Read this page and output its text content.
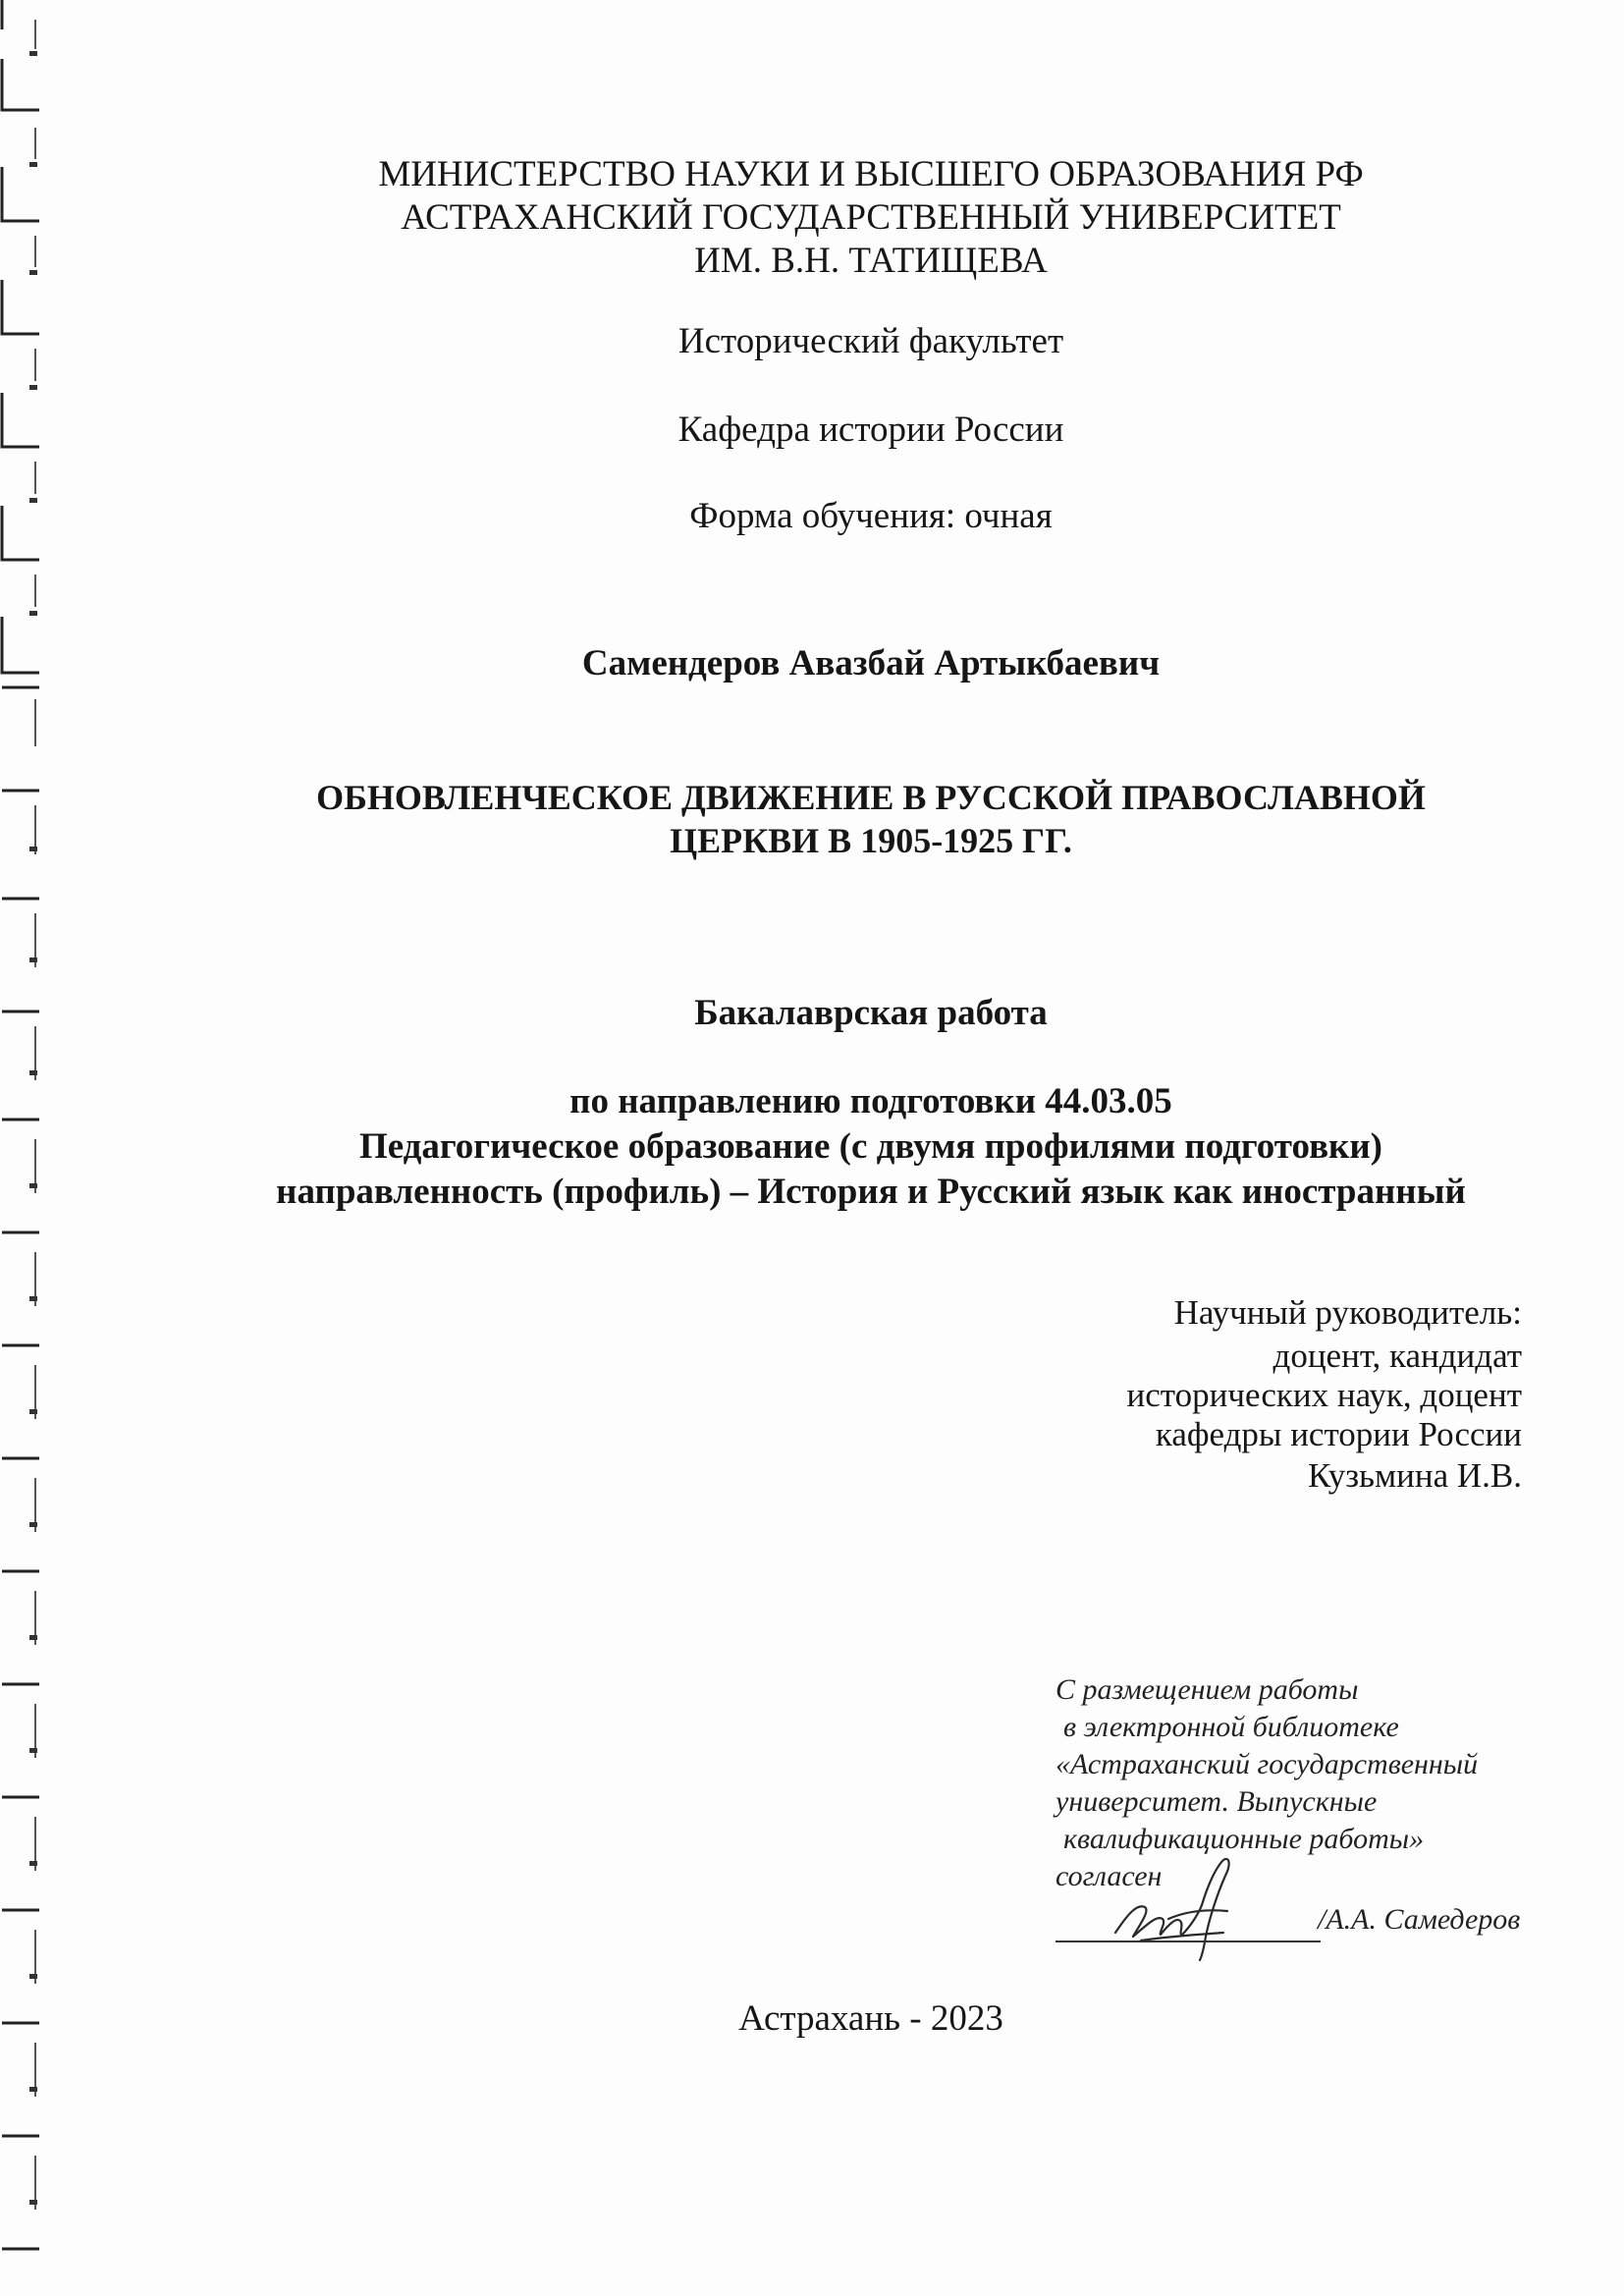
МИНИСТЕРСТВО НАУКИ И ВЫСШЕГО ОБРАЗОВАНИЯ РФ
АСТРАХАНСКИЙ ГОСУДАРСТВЕННЫЙ УНИВЕРСИТЕТ
ИМ. В.Н. ТАТИЩЕВА
Исторический факультет
Кафедра истории России
Форма обучения: очная
Самендеров Авазбай Артыкбаевич
ОБНОВЛЕНЧЕСКОЕ ДВИЖЕНИЕ В РУССКОЙ ПРАВОСЛАВНОЙ
ЦЕРКВИ В 1905-1925 ГГ.
Бакалаврская работа
по направлению подготовки 44.03.05
Педагогическое образование (с двумя профилями подготовки)
направленность (профиль) – История и Русский язык как иностранный
Научный руководитель:
доцент, кандидат
исторических наук, доцент
кафедры истории России
Кузьмина И.В.
С размещением работы
в электронной библиотеке
«Астраханский государственный
университет. Выпускные
квалификационные работы»
согласен
/А.А. Самедеров
Астрахань - 2023
